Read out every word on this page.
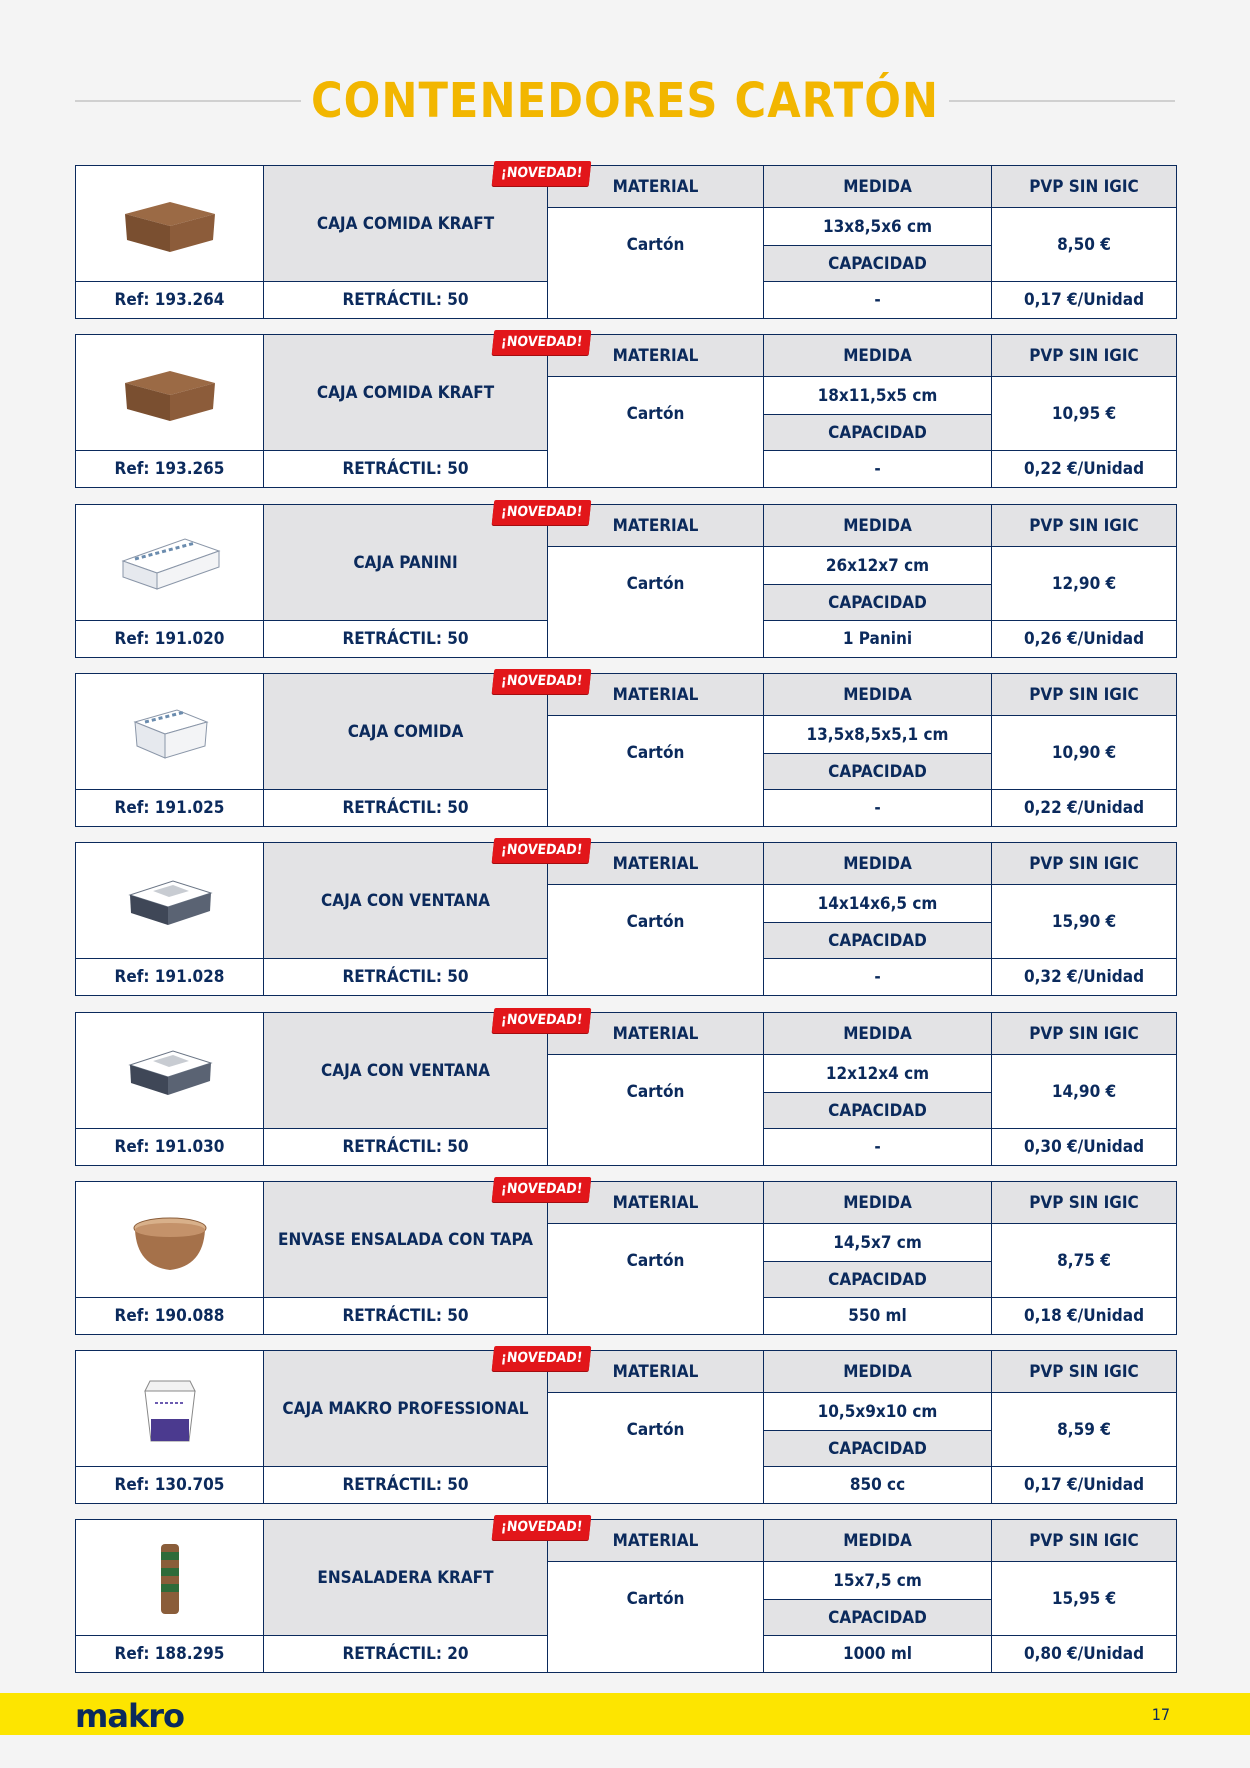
CONTENEDORES CARTÓN
	CAJA COMIDA KRAFT	MATERIAL	MEDIDA	PVP SIN IGIC
		Cartón	13x8,5x6 cm	8,50 €
			CAPACIDAD	
Ref: 193.264	RETRÁCTIL: 50		-	0,17 €/Unidad
¡NOVEDAD!
	CAJA COMIDA KRAFT	MATERIAL	MEDIDA	PVP SIN IGIC
		Cartón	18x11,5x5 cm	10,95 €
			CAPACIDAD	
Ref: 193.265	RETRÁCTIL: 50		-	0,22 €/Unidad
¡NOVEDAD!
	CAJA PANINI	MATERIAL	MEDIDA	PVP SIN IGIC
		Cartón	26x12x7 cm	12,90 €
			CAPACIDAD	
Ref: 191.020	RETRÁCTIL: 50		1 Panini	0,26 €/Unidad
¡NOVEDAD!
	CAJA COMIDA	MATERIAL	MEDIDA	PVP SIN IGIC
		Cartón	13,5x8,5x5,1 cm	10,90 €
			CAPACIDAD	
Ref: 191.025	RETRÁCTIL: 50		-	0,22 €/Unidad
¡NOVEDAD!
	CAJA CON VENTANA	MATERIAL	MEDIDA	PVP SIN IGIC
		Cartón	14x14x6,5 cm	15,90 €
			CAPACIDAD	
Ref: 191.028	RETRÁCTIL: 50		-	0,32 €/Unidad
¡NOVEDAD!
	CAJA CON VENTANA	MATERIAL	MEDIDA	PVP SIN IGIC
		Cartón	12x12x4 cm	14,90 €
			CAPACIDAD	
Ref: 191.030	RETRÁCTIL: 50		-	0,30 €/Unidad
¡NOVEDAD!
	ENVASE ENSALADA CON TAPA	MATERIAL	MEDIDA	PVP SIN IGIC
		Cartón	14,5x7 cm	8,75 €
			CAPACIDAD	
Ref: 190.088	RETRÁCTIL: 50		550 ml	0,18 €/Unidad
¡NOVEDAD!
	CAJA MAKRO PROFESSIONAL	MATERIAL	MEDIDA	PVP SIN IGIC
		Cartón	10,5x9x10 cm	8,59 €
			CAPACIDAD	
Ref: 130.705	RETRÁCTIL: 50		850 cc	0,17 €/Unidad
¡NOVEDAD!
	ENSALADERA KRAFT	MATERIAL	MEDIDA	PVP SIN IGIC
		Cartón	15x7,5 cm	15,95 €
			CAPACIDAD	
Ref: 188.295	RETRÁCTIL: 20		1000 ml	0,80 €/Unidad
¡NOVEDAD!
makro	17
